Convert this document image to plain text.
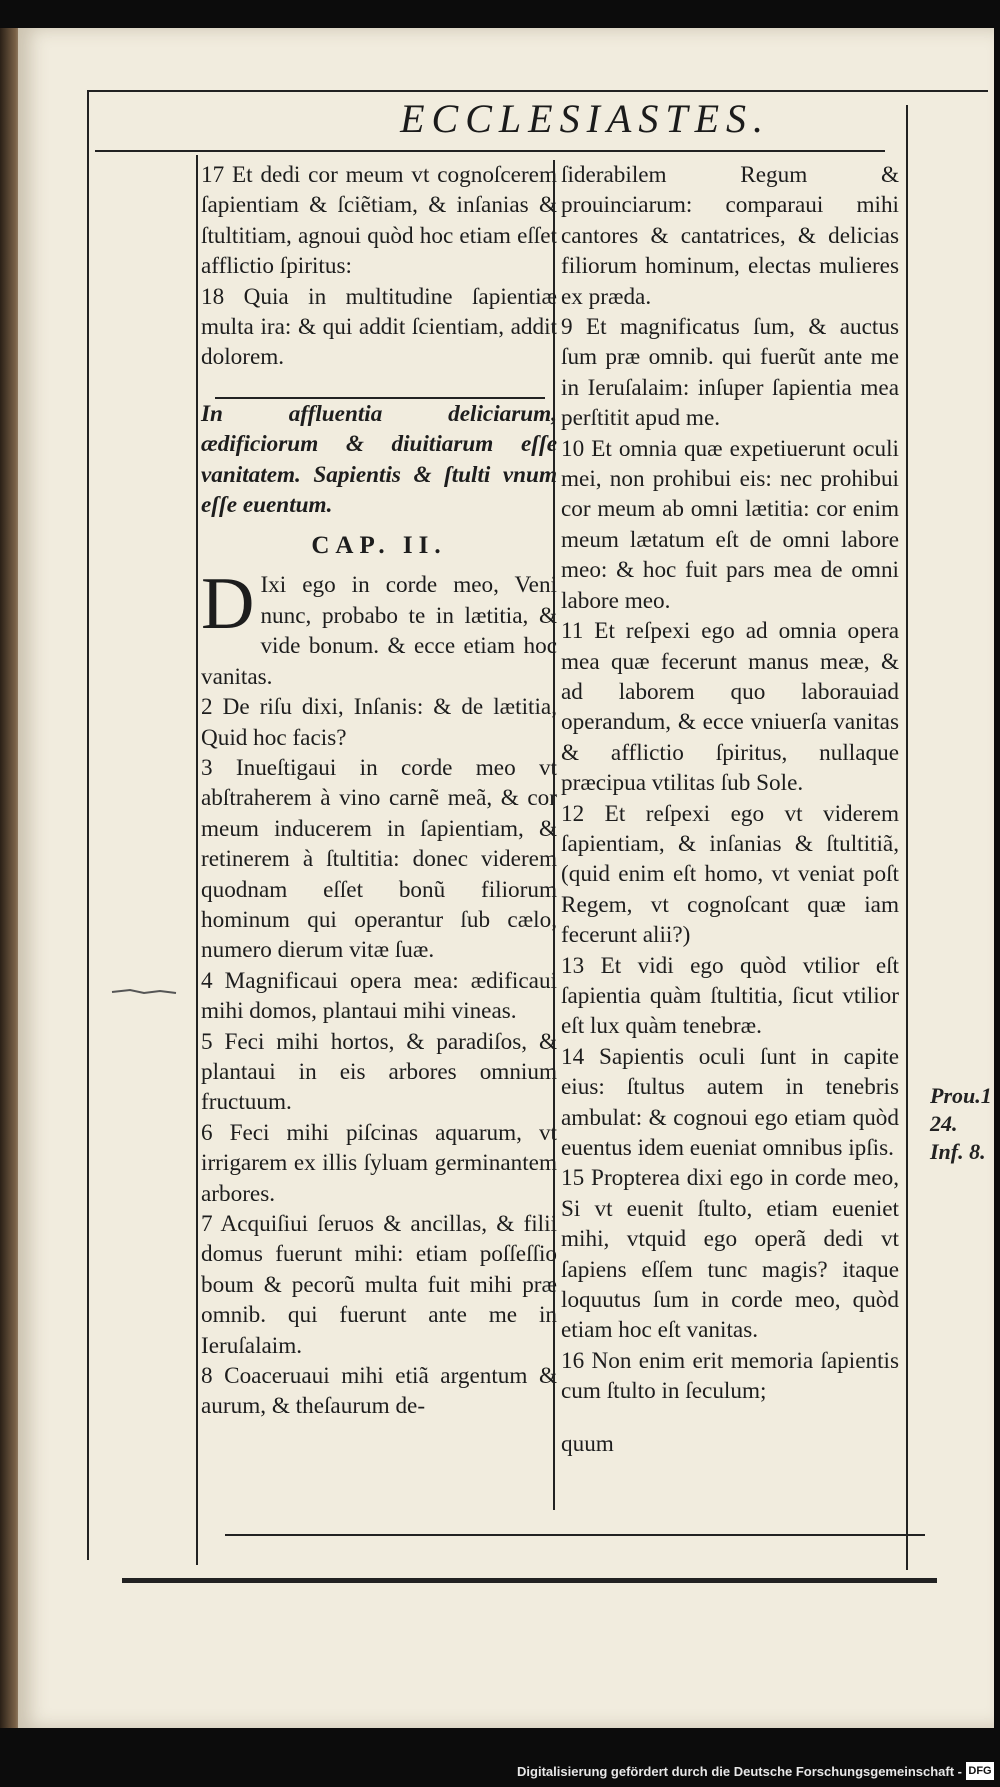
ECCLESIASTES.

17 Et dedi cor meum vt cognoſcerem ſapientiam & ſciẽtiam, & inſanias & ſtultitiam, agnoui quòd hoc etiam eſſet afflictio ſpiritus:

18 Quia in multitudine ſapientiæ multa ira: & qui addit ſcientiam, addit dolorem.

In affluentia deliciarum, ædificiorum & diuitiarum eſſe vanitatem. Sapientis & ſtulti vnum eſſe euentum.

CAP. II.

D Ixi ego in corde meo, Veni nunc, probabo te in lætitia, & vide bonum. & ecce etiam hoc vanitas.

2 De riſu dixi, Inſanis: & de lætitia, Quid hoc facis?

3 Inueſtigaui in corde meo vt abſtraherem à vino carnẽ meã, & cor meum inducerem in ſapientiam, & retinerem à ſtultitia: donec viderem quodnam eſſet bonũ filiorum hominum qui operantur ſub cælo, numero dierum vitæ ſuæ.

4 Magnificaui opera mea: ædificaui mihi domos, plantaui mihi vineas.

5 Feci mihi hortos, & paradiſos, & plantaui in eis arbores omnium fructuum.

6 Feci mihi piſcinas aquarum, vt irrigarem ex illis ſyluam germinantem arbores.

7 Acquiſiui ſeruos & ancillas, & filii domus fuerunt mihi: etiam poſſeſſio boum & pecorũ multa fuit mihi præ omnib. qui fuerunt ante me in Ieruſalaim.

8 Coaceruaui mihi etiã argentum & aurum, & theſaurum de-

ſiderabilem Regum & prouinciarum: comparaui mihi cantores & cantatrices, & delicias filiorum hominum, electas mulieres ex præda.

9 Et magnificatus ſum, & auctus ſum præ omnib. qui fuerũt ante me in Ieruſalaim: inſuper ſapientia mea perſtitit apud me.

10 Et omnia quæ expetiuerunt oculi mei, non prohibui eis: nec prohibui cor meum ab omni lætitia: cor enim meum lætatum eſt de omni labore meo: & hoc fuit pars mea de omni labore meo.

11 Et reſpexi ego ad omnia opera mea quæ fecerunt manus meæ, & ad laborem quo laborauiad operandum, & ecce vniuerſa vanitas & afflictio ſpiritus, nullaque præcipua vtilitas ſub Sole.

12 Et reſpexi ego vt viderem ſapientiam, & inſanias & ſtultitiã, (quid enim eſt homo, vt veniat poſt Regem, vt cognoſcant quæ iam fecerunt alii?)

13 Et vidi ego quòd vtilior eſt ſapientia quàm ſtultitia, ſicut vtilior eſt lux quàm tenebræ.

14 Sapientis oculi ſunt in capite eius: ſtultus autem in tenebris ambulat: & cognoui ego etiam quòd euentus idem eueniat omnibus ipſis.

15 Propterea dixi ego in corde meo, Si vt euenit ſtulto, etiam eueniet mihi, vtquid ego operã dedi vt ſapiens eſſem tunc magis? itaque loquutus ſum in corde meo, quòd etiam hoc eſt vanitas.

16 Non enim erit memoria ſapientis cum ſtulto in ſeculum;

quum

Prou.1
24.
Inf. 8.
Digitalisierung gefördert durch die Deutsche Forschungsgemeinschaft - DFG
